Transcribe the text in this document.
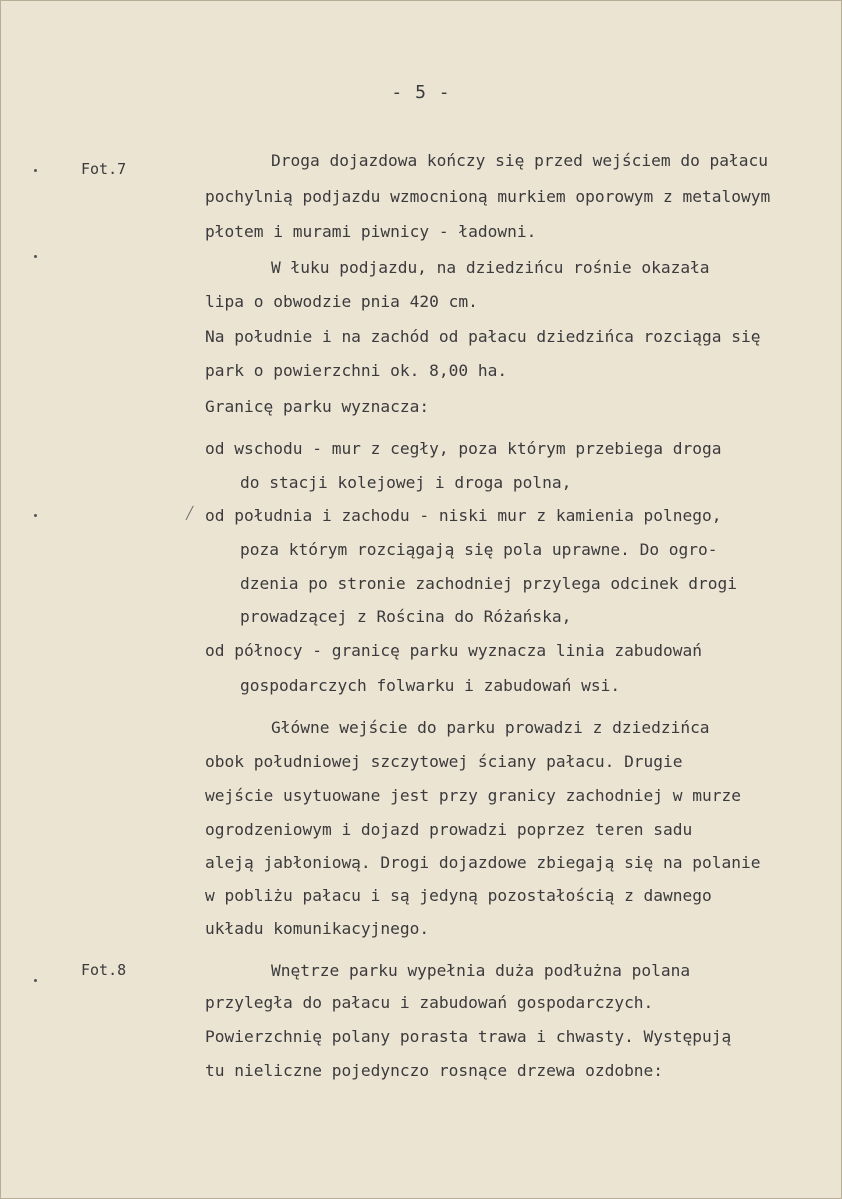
- 5 -
╱
Fot.7
Fot.8
Droga dojazdowa kończy się przed wejściem do pałacu
pochylnią podjazdu wzmocnioną murkiem oporowym z metalowym
płotem i murami piwnicy - ładowni.
W łuku podjazdu, na dziedzińcu rośnie okazała
lipa o obwodzie pnia 420 cm.
Na południe i na zachód od pałacu dziedzińca rozciąga się
park o powierzchni ok. 8,00 ha.
Granicę parku wyznacza:
od wschodu - mur z cegły, poza którym przebiega droga
do stacji kolejowej i droga polna,
od południa i zachodu - niski mur z kamienia polnego,
poza którym rozciągają się pola uprawne. Do ogro-
dzenia po stronie zachodniej przylega odcinek drogi
prowadzącej z Rościna do Różańska,
od północy - granicę parku wyznacza linia zabudowań
gospodarczych folwarku i zabudowań wsi.
Główne wejście do parku prowadzi z dziedzińca
obok południowej szczytowej ściany pałacu. Drugie
wejście usytuowane jest przy granicy zachodniej w murze
ogrodzeniowym i dojazd prowadzi poprzez teren sadu
aleją jabłoniową. Drogi dojazdowe zbiegają się na polanie
w pobliżu pałacu i są jedyną pozostałością z dawnego
układu komunikacyjnego.
Wnętrze parku wypełnia duża podłużna polana
przyległa do pałacu i zabudowań gospodarczych.
Powierzchnię polany porasta trawa i chwasty. Występują
tu nieliczne pojedynczo rosnące drzewa ozdobne:
